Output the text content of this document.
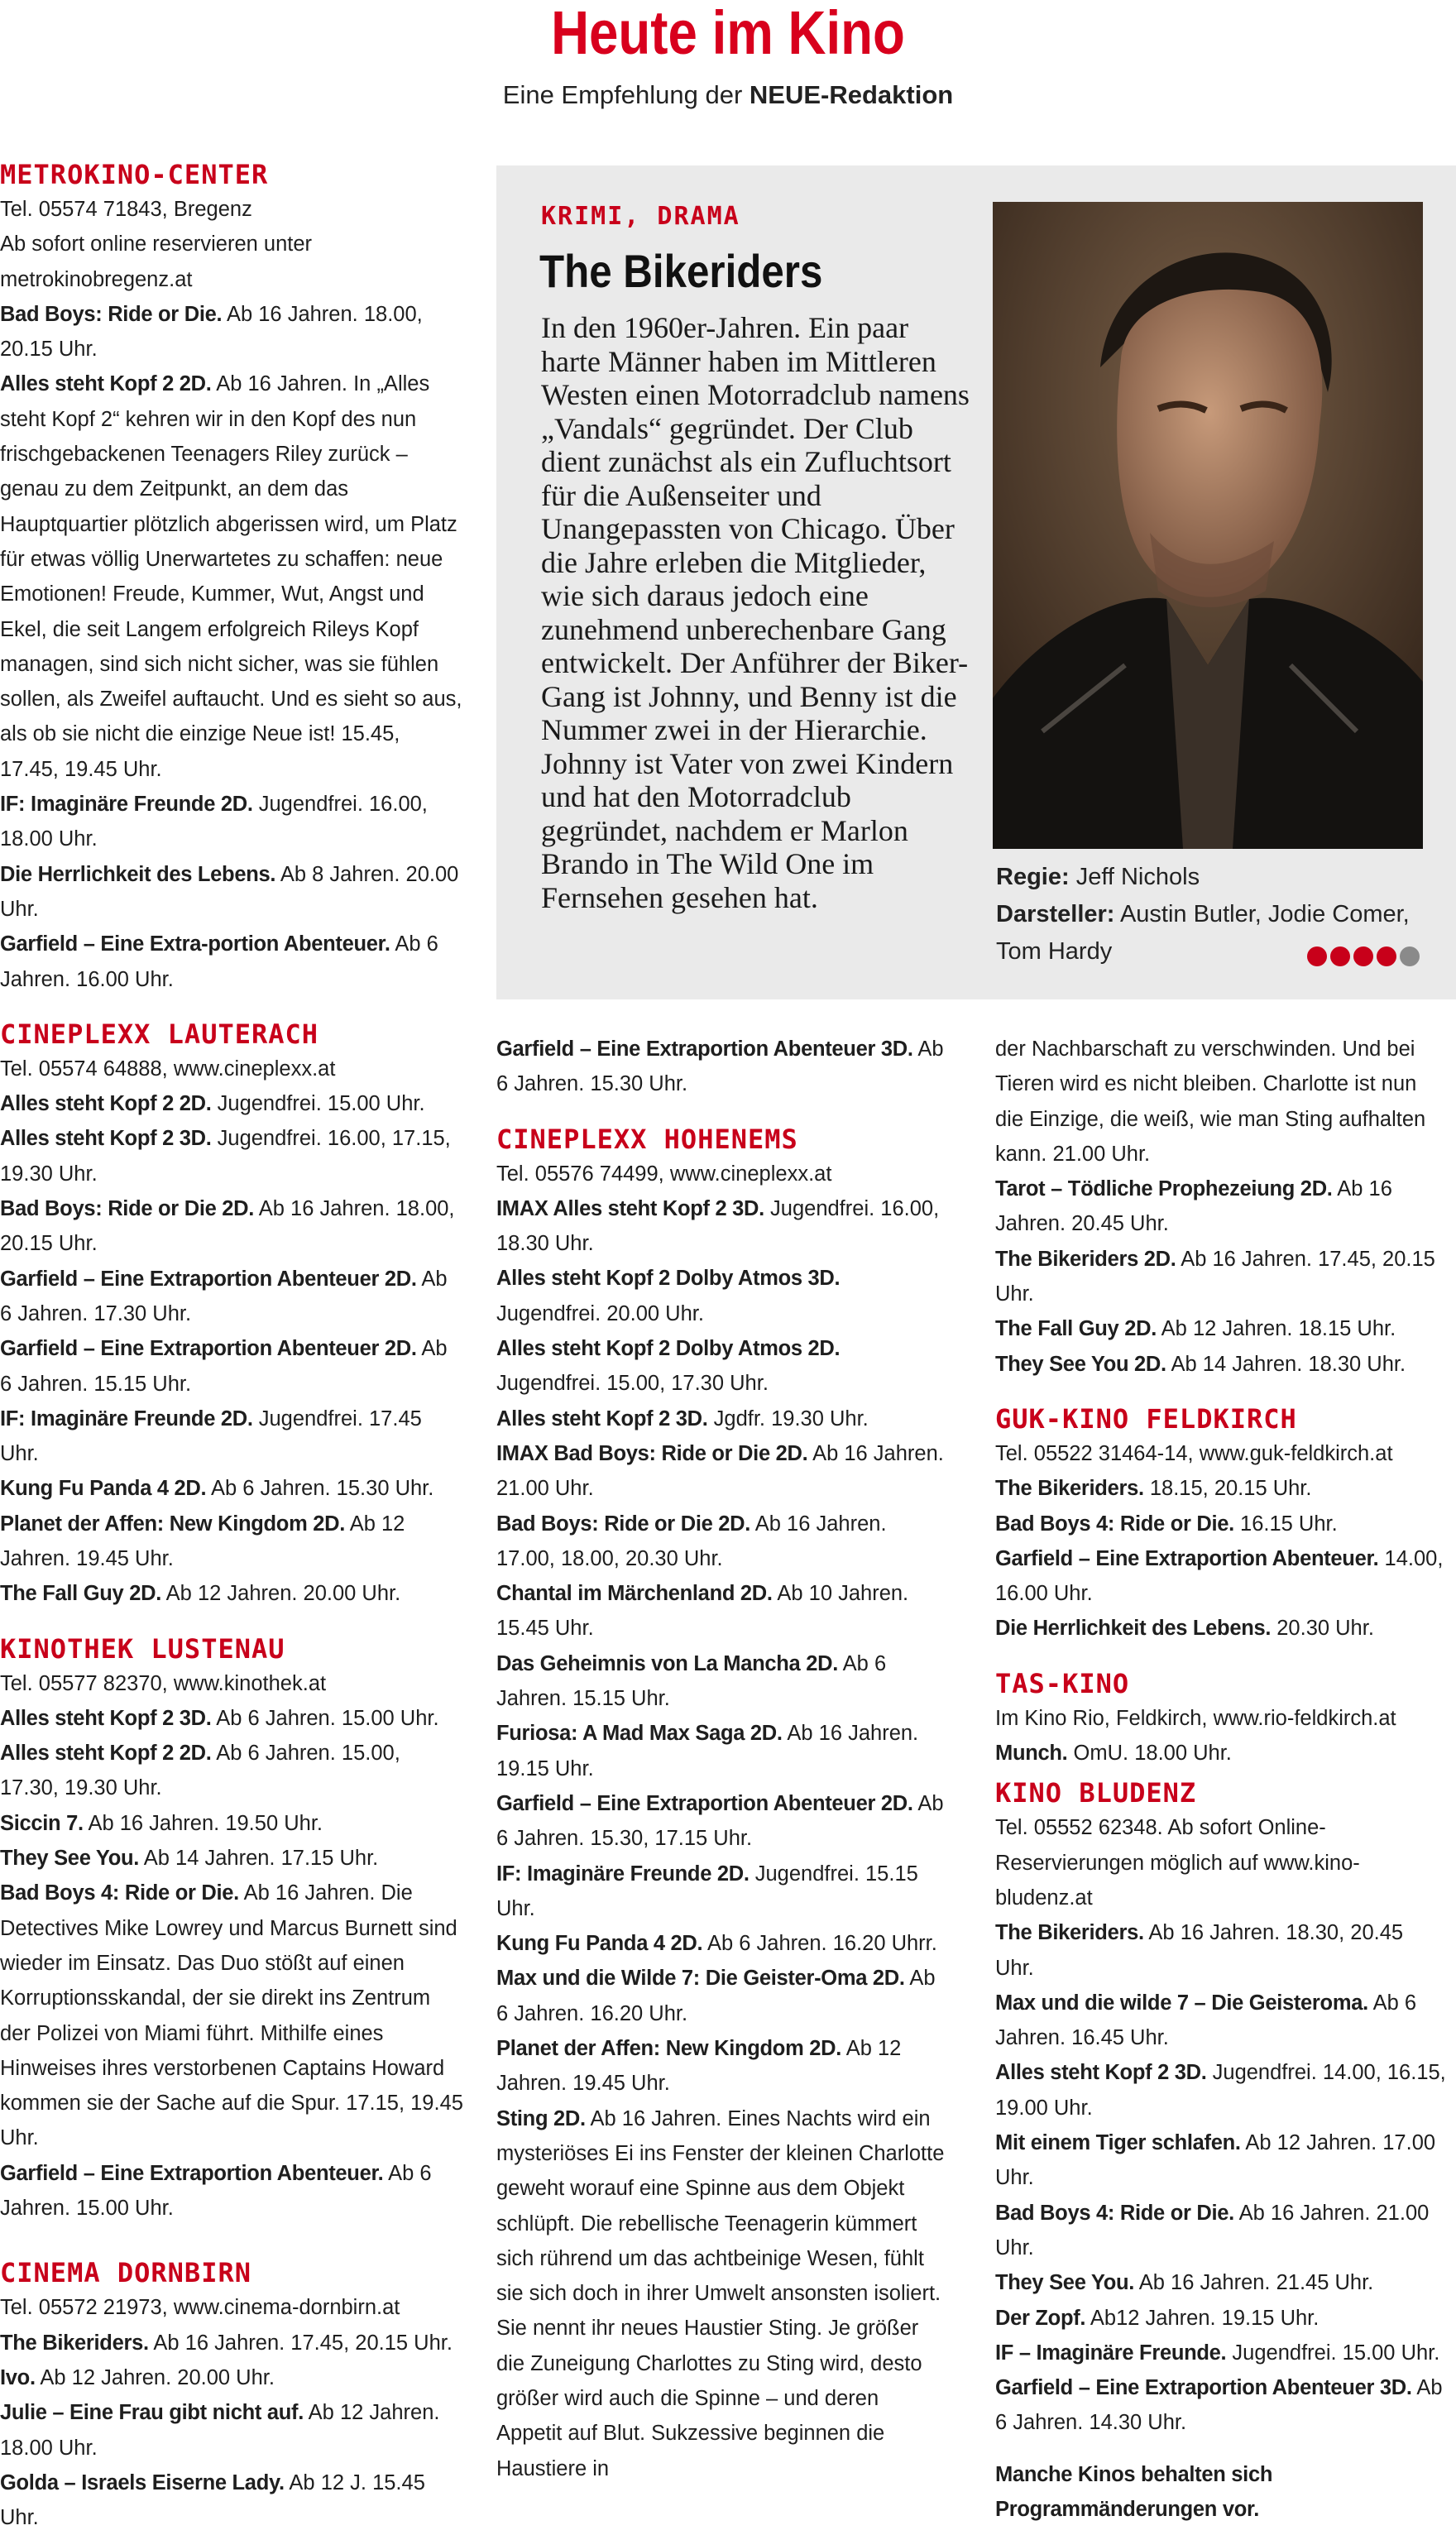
Heute im Kino
Eine Empfehlung der NEUE-Redaktion
KRIMI, DRAMA
The Bikeriders
In den 1960er-Jahren. Ein paar harte Männer haben im Mittleren Westen einen Motorradclub namens „Vandals“ gegründet. Der Club dient zunächst als ein Zufluchtsort für die Außenseiter und Unangepassten von Chicago. Über die Jahre erleben die Mitglieder, wie sich daraus jedoch eine zunehmend unberechenbare Gang entwickelt. Der Anführer der Biker-Gang ist Johnny, und Benny ist die Nummer zwei in der Hierarchie. Johnny ist Vater von zwei Kindern und hat den Motorradclub gegründet, nachdem er Marlon Brando in The Wild One im Fernsehen gesehen hat.
Regie: Jeff Nichols
Darsteller: Austin Butler, Jodie Comer, Tom Hardy
METROKINO-CENTER

Tel. 05574 71843, Bregenz

Ab sofort online reservieren unter metrokinobregenz.at

Bad Boys: Ride or Die. Ab 16 Jahren. 18.00, 20.15 Uhr.

Alles steht Kopf 2 2D. Ab 16 Jahren. In „Alles steht Kopf 2“ kehren wir in den Kopf des nun frischgebackenen Teenagers Riley zurück – genau zu dem Zeitpunkt, an dem das Hauptquartier plötzlich abgerissen wird, um Platz für etwas völlig Unerwartetes zu schaffen: neue Emotionen! Freude, Kummer, Wut, Angst und Ekel, die seit Langem erfolgreich Rileys Kopf managen, sind sich nicht sicher, was sie fühlen sollen, als Zweifel auftaucht. Und es sieht so aus, als ob sie nicht die einzige Neue ist! 15.45, 17.45, 19.45 Uhr.

IF: Imaginäre Freunde 2D. Jugendfrei. 16.00, 18.00 Uhr.

Die Herrlichkeit des Lebens. Ab 8 Jahren. 20.00 Uhr.

Garfield – Eine Extra-portion Abenteuer. Ab 6 Jahren. 16.00 Uhr.

CINEPLEXX LAUTERACH

Tel. 05574 64888, www.cineplexx.at

Alles steht Kopf 2 2D. Jugendfrei. 15.00 Uhr.

Alles steht Kopf 2 3D. Jugendfrei. 16.00, 17.15, 19.30 Uhr.

Bad Boys: Ride or Die 2D. Ab 16 Jahren. 18.00, 20.15 Uhr.

Garfield – Eine Extraportion Abenteuer 2D. Ab 6 Jahren. 17.30 Uhr.

Garfield – Eine Extraportion Abenteuer 2D. Ab 6 Jahren. 15.15 Uhr.

IF: Imaginäre Freunde 2D. Jugendfrei. 17.45 Uhr.

Kung Fu Panda 4 2D. Ab 6 Jahren. 15.30 Uhr.

Planet der Affen: New Kingdom 2D. Ab 12 Jahren. 19.45 Uhr.

The Fall Guy 2D. Ab 12 Jahren. 20.00 Uhr.

KINOTHEK LUSTENAU

Tel. 05577 82370, www.kinothek.at

Alles steht Kopf 2 3D. Ab 6 Jahren. 15.00 Uhr.

Alles steht Kopf 2 2D. Ab 6 Jahren. 15.00, 17.30, 19.30 Uhr.

Siccin 7. Ab 16 Jahren. 19.50 Uhr.

They See You. Ab 14 Jahren. 17.15 Uhr.

Bad Boys 4: Ride or Die. Ab 16 Jahren. Die Detectives Mike Lowrey und Marcus Burnett sind wieder im Einsatz. Das Duo stößt auf einen Korruptionsskandal, der sie direkt ins Zentrum der Polizei von Miami führt. Mithilfe eines Hinweises ihres verstorbenen Captains Howard kommen sie der Sache auf die Spur. 17.15, 19.45 Uhr.

Garfield – Eine Extraportion Abenteuer. Ab 6 Jahren. 15.00 Uhr.

CINEMA DORNBIRN

Tel. 05572 21973, www.cinema-dornbirn.at

The Bikeriders. Ab 16 Jahren. 17.45, 20.15 Uhr.

Ivo. Ab 12 Jahren. 20.00 Uhr.

Julie – Eine Frau gibt nicht auf. Ab 12 Jahren. 18.00 Uhr.

Golda – Israels Eiserne Lady. Ab 12 J. 15.45 Uhr.

Garfield – Eine Extraportion Abenteuer 3D. Ab 6 Jahren. 15.30 Uhr.

CINEPLEXX HOHENEMS

Tel. 05576 74499, www.cineplexx.at

IMAX Alles steht Kopf 2 3D. Jugendfrei. 16.00, 18.30 Uhr.

Alles steht Kopf 2 Dolby Atmos 3D. Jugendfrei. 20.00 Uhr.

Alles steht Kopf 2 Dolby Atmos 2D. Jugendfrei. 15.00, 17.30 Uhr.

Alles steht Kopf 2 3D. Jgdfr. 19.30 Uhr.

IMAX Bad Boys: Ride or Die 2D. Ab 16 Jahren. 21.00 Uhr.

Bad Boys: Ride or Die 2D. Ab 16 Jahren. 17.00, 18.00, 20.30 Uhr.

Chantal im Märchenland 2D. Ab 10 Jahren. 15.45 Uhr.

Das Geheimnis von La Mancha 2D. Ab 6 Jahren. 15.15 Uhr.

Furiosa: A Mad Max Saga 2D. Ab 16 Jahren. 19.15 Uhr.

Garfield – Eine Extraportion Abenteuer 2D. Ab 6 Jahren. 15.30, 17.15 Uhr.

IF: Imaginäre Freunde 2D. Jugendfrei. 15.15 Uhr.

Kung Fu Panda 4 2D. Ab 6 Jahren. 16.20 Uhrr.

Max und die Wilde 7: Die Geister-Oma 2D. Ab 6 Jahren. 16.20 Uhr.

Planet der Affen: New Kingdom 2D. Ab 12 Jahren. 19.45 Uhr.

Sting 2D. Ab 16 Jahren. Eines Nachts wird ein mysteriöses Ei ins Fenster der kleinen Charlotte geweht worauf eine Spinne aus dem Objekt schlüpft. Die rebellische Teenagerin kümmert sich rührend um das achtbeinige Wesen, fühlt sie sich doch in ihrer Umwelt ansonsten isoliert. Sie nennt ihr neues Haustier Sting. Je größer die Zuneigung Charlottes zu Sting wird, desto größer wird auch die Spinne – und deren Appetit auf Blut. Sukzessive beginnen die Haustiere in

der Nachbarschaft zu verschwinden. Und bei Tieren wird es nicht bleiben. Charlotte ist nun die Einzige, die weiß, wie man Sting aufhalten kann. 21.00 Uhr.

Tarot – Tödliche Prophezeiung 2D. Ab 16 Jahren. 20.45 Uhr.

The Bikeriders 2D. Ab 16 Jahren. 17.45, 20.15 Uhr.

The Fall Guy 2D. Ab 12 Jahren. 18.15 Uhr.

They See You 2D. Ab 14 Jahren. 18.30 Uhr.

GUK-KINO FELDKIRCH

Tel. 05522 31464-14, www.guk-feldkirch.at

The Bikeriders. 18.15, 20.15 Uhr.

Bad Boys 4: Ride or Die. 16.15 Uhr.

Garfield – Eine Extraportion Abenteuer. 14.00, 16.00 Uhr.

Die Herrlichkeit des Lebens. 20.30 Uhr.

TAS-KINO

Im Kino Rio, Feldkirch, www.rio-feldkirch.at

Munch. OmU. 18.00 Uhr.

KINO BLUDENZ

Tel. 05552 62348. Ab sofort Online-Reservierungen möglich auf www.kino-bludenz.at

The Bikeriders. Ab 16 Jahren. 18.30, 20.45 Uhr.

Max und die wilde 7 – Die Geisteroma. Ab 6 Jahren. 16.45 Uhr.

Alles steht Kopf 2 3D. Jugendfrei. 14.00, 16.15, 19.00 Uhr.

Mit einem Tiger schlafen. Ab 12 Jahren. 17.00 Uhr.

Bad Boys 4: Ride or Die. Ab 16 Jahren. 21.00 Uhr.

They See You. Ab 16 Jahren. 21.45 Uhr.

Der Zopf. Ab12 Jahren. 19.15 Uhr.

IF – Imaginäre Freunde. Jugendfrei. 15.00 Uhr.

Garfield – Eine Extraportion Abenteuer 3D. Ab 6 Jahren. 14.30 Uhr.

Manche Kinos behalten sich Programmänderungen vor.
